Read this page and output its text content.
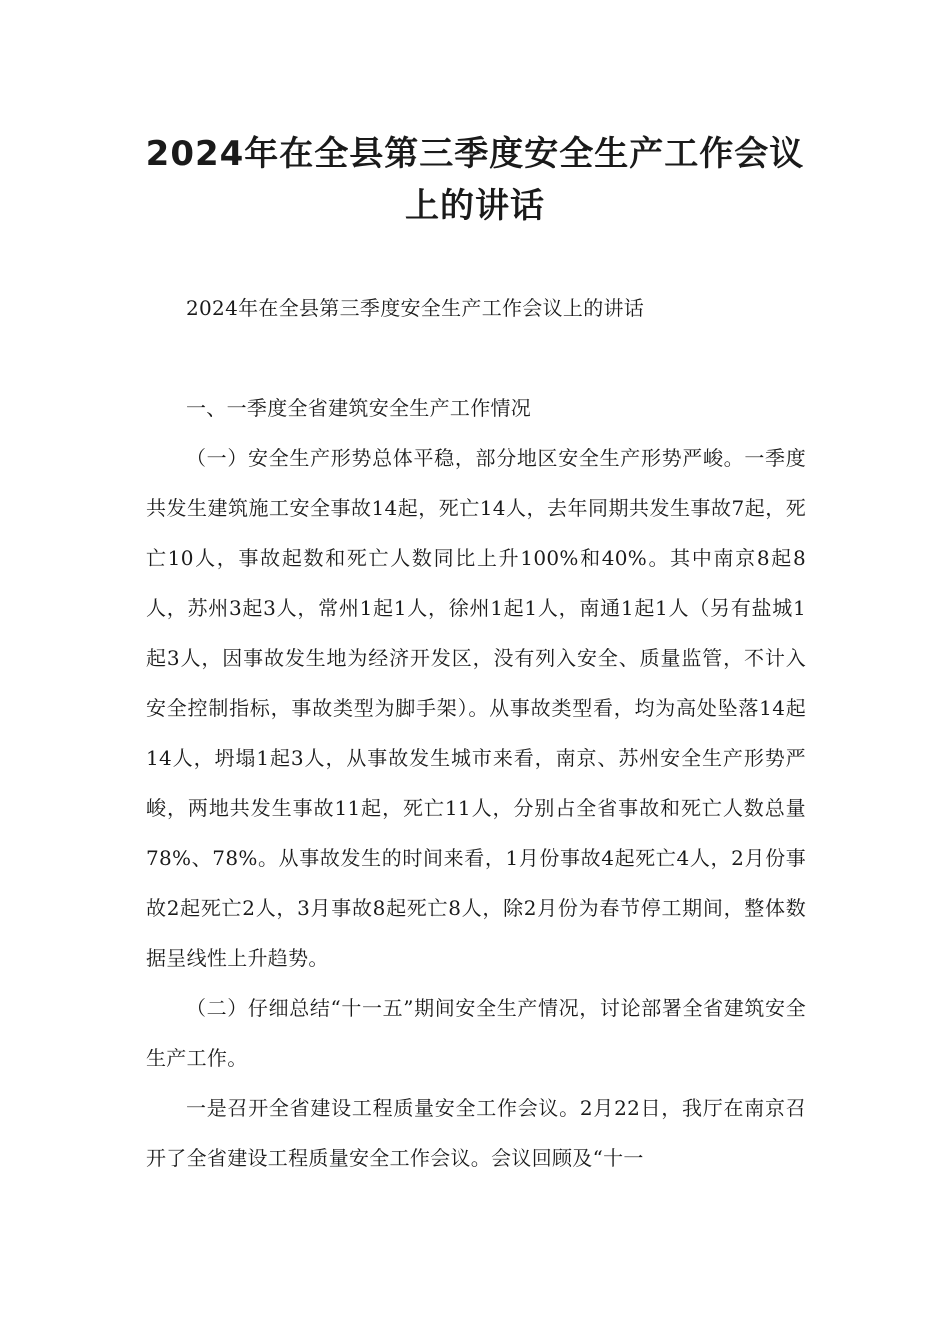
2024年在全县第三季度安全生产工作会议上的讲话

2024年在全县第三季度安全生产工作会议上的讲话

一、一季度全省建筑安全生产工作情况

（一）安全生产形势总体平稳，部分地区安全生产形势严峻。一季度共发生建筑施工安全事故14起，死亡14人，去年同期共发生事故7起，死亡10人，事故起数和死亡人数同比上升100%和40%。其中南京8起8人，苏州3起3人，常州1起1人，徐州1起1人，南通1起1人（另有盐城1起3人，因事故发生地为经济开发区，没有列入安全、质量监管，不计入安全控制指标，事故类型为脚手架）。从事故类型看，均为高处坠落14起14人，坍塌1起3人，从事故发生城市来看，南京、苏州安全生产形势严峻，两地共发生事故11起，死亡11人，分别占全省事故和死亡人数总量78%、78%。从事故发生的时间来看，1月份事故4起死亡4人，2月份事故2起死亡2人，3月事故8起死亡8人，除2月份为春节停工期间，整体数据呈线性上升趋势。

（二）仔细总结“十一五”期间安全生产情况，讨论部署全省建筑安全生产工作。

一是召开全省建设工程质量安全工作会议。2月22日，我厅在南京召开了全省建设工程质量安全工作会议。会议回顾及“十一
